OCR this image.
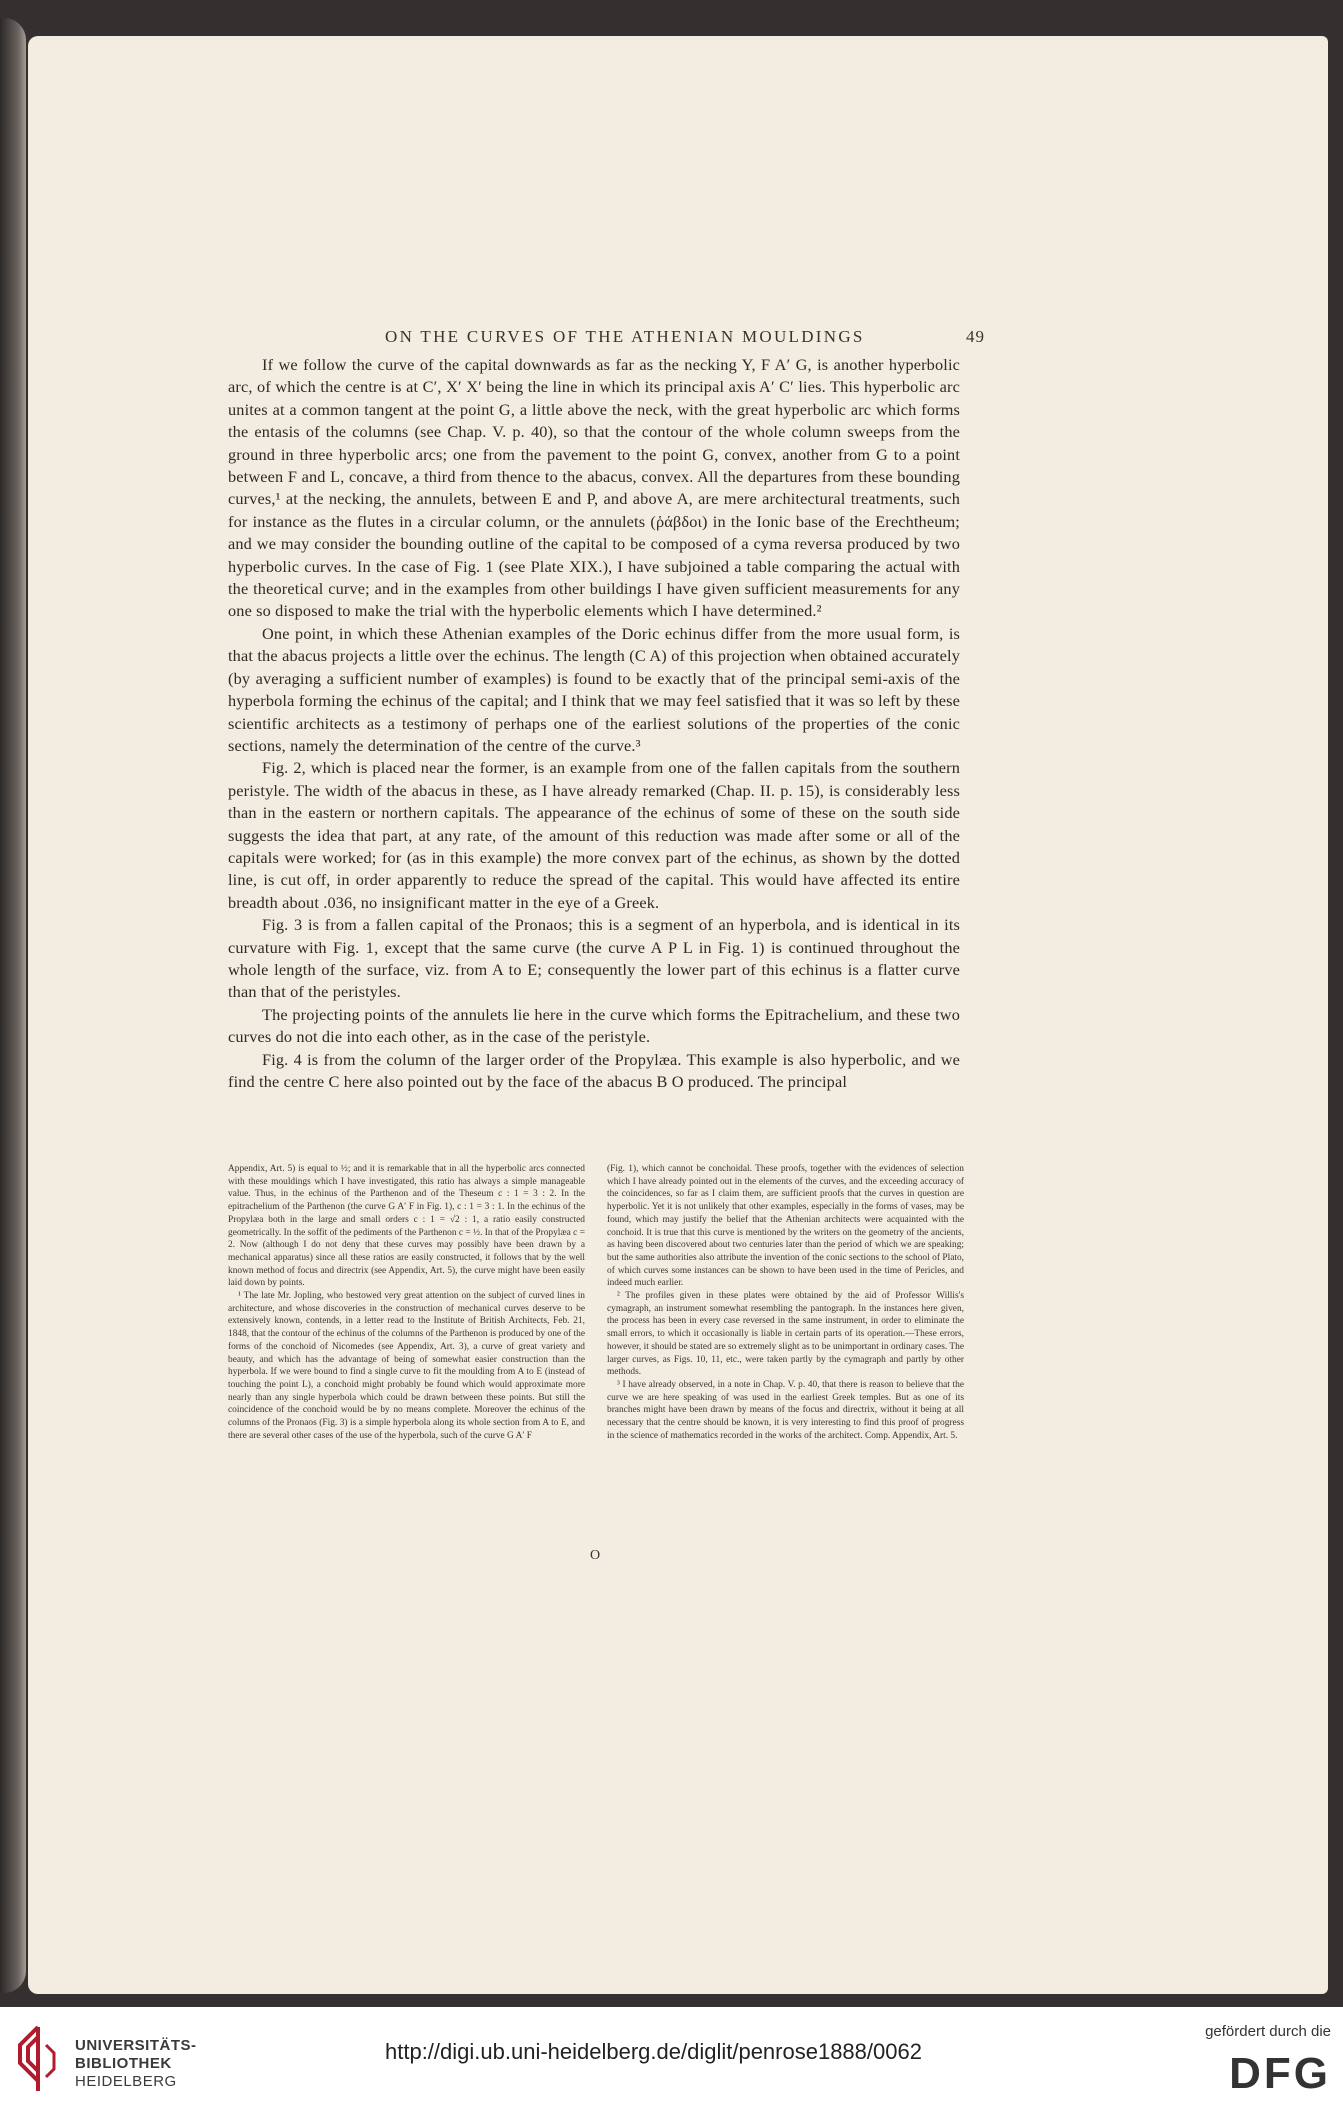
ON THE CURVES OF THE ATHENIAN MOULDINGS	49

If we follow the curve of the capital downwards as far as the necking Y, F A′ G, is another hyperbolic arc, of which the centre is at C′, X′ X′ being the line in which its principal axis A′ C′ lies. This hyperbolic arc unites at a common tangent at the point G, a little above the neck, with the great hyperbolic arc which forms the entasis of the columns (see Chap. V. p. 40), so that the contour of the whole column sweeps from the ground in three hyperbolic arcs; one from the pavement to the point G, convex, another from G to a point between F and L, concave, a third from thence to the abacus, convex. All the departures from these bounding curves,¹ at the necking, the annulets, between E and P, and above A, are mere architectural treatments, such for instance as the flutes in a circular column, or the annulets (ῥάβδοι) in the Ionic base of the Erechtheum; and we may consider the bounding outline of the capital to be composed of a cyma reversa produced by two hyperbolic curves. In the case of Fig. 1 (see Plate XIX.), I have subjoined a table comparing the actual with the theoretical curve; and in the examples from other buildings I have given sufficient measurements for any one so disposed to make the trial with the hyperbolic elements which I have determined.²

One point, in which these Athenian examples of the Doric echinus differ from the more usual form, is that the abacus projects a little over the echinus. The length (C A) of this projection when obtained accurately (by averaging a sufficient number of examples) is found to be exactly that of the principal semi-axis of the hyperbola forming the echinus of the capital; and I think that we may feel satisfied that it was so left by these scientific architects as a testimony of perhaps one of the earliest solutions of the properties of the conic sections, namely the determination of the centre of the curve.³

Fig. 2, which is placed near the former, is an example from one of the fallen capitals from the southern peristyle. The width of the abacus in these, as I have already remarked (Chap. II. p. 15), is considerably less than in the eastern or northern capitals. The appearance of the echinus of some of these on the south side suggests the idea that part, at any rate, of the amount of this reduction was made after some or all of the capitals were worked; for (as in this example) the more convex part of the echinus, as shown by the dotted line, is cut off, in order apparently to reduce the spread of the capital. This would have affected its entire breadth about .036, no insignificant matter in the eye of a Greek.

Fig. 3 is from a fallen capital of the Pronaos; this is a segment of an hyperbola, and is identical in its curvature with Fig. 1, except that the same curve (the curve A P L in Fig. 1) is continued throughout the whole length of the surface, viz. from A to E; consequently the lower part of this echinus is a flatter curve than that of the peristyles.

The projecting points of the annulets lie here in the curve which forms the Epitrachelium, and these two curves do not die into each other, as in the case of the peristyle.

Fig. 4 is from the column of the larger order of the Propylæa. This example is also hyperbolic, and we find the centre C here also pointed out by the face of the abacus B O produced. The principal

Appendix, Art. 5) is equal to ½; and it is remarkable that in all the hyperbolic arcs connected with these mouldings which I have investigated, this ratio has always a simple manageable value. Thus, in the echinus of the Parthenon and of the Theseum c : 1 = 3 : 2. In the epitrachelium of the Parthenon (the curve G A′ F in Fig. 1), c : 1 = 3 : 1. In the echinus of the Propylæa both in the large and small orders c : 1 = √2 : 1, a ratio easily constructed geometrically. In the soffit of the pediments of the Parthenon c = ½. In that of the Propylæa c = 2. Now (although I do not deny that these curves may possibly have been drawn by a mechanical apparatus) since all these ratios are easily constructed, it follows that by the well known method of focus and directrix (see Appendix, Art. 5), the curve might have been easily laid down by points.

¹ The late Mr. Jopling, who bestowed very great attention on the subject of curved lines in architecture, and whose discoveries in the construction of mechanical curves deserve to be extensively known, contends, in a letter read to the Institute of British Architects, Feb. 21, 1848, that the contour of the echinus of the columns of the Parthenon is produced by one of the forms of the conchoid of Nicomedes (see Appendix, Art. 3), a curve of great variety and beauty, and which has the advantage of being of somewhat easier construction than the hyperbola. If we were bound to find a single curve to fit the moulding from A to E (instead of touching the point L), a conchoid might probably be found which would approximate more nearly than any single hyperbola which could be drawn between these points. But still the coincidence of the conchoid would be by no means complete. Moreover the echinus of the columns of the Pronaos (Fig. 3) is a simple hyperbola along its whole section from A to E, and there are several other cases of the use of the hyperbola, such of the curve G A′ F

(Fig. 1), which cannot be conchoidal. These proofs, together with the evidences of selection which I have already pointed out in the elements of the curves, and the exceeding accuracy of the coincidences, so far as I claim them, are sufficient proofs that the curves in question are hyperbolic. Yet it is not unlikely that other examples, especially in the forms of vases, may be found, which may justify the belief that the Athenian architects were acquainted with the conchoid. It is true that this curve is mentioned by the writers on the geometry of the ancients, as having been discovered about two centuries later than the period of which we are speaking; but the same authorities also attribute the invention of the conic sections to the school of Plato, of which curves some instances can be shown to have been used in the time of Pericles, and indeed much earlier.

² The profiles given in these plates were obtained by the aid of Professor Willis's cymagraph, an instrument somewhat resembling the pantograph. In the instances here given, the process has been in every case reversed in the same instrument, in order to eliminate the small errors, to which it occasionally is liable in certain parts of its operation.—These errors, however, it should be stated are so extremely slight as to be unimportant in ordinary cases. The larger curves, as Figs. 10, 11, etc., were taken partly by the cymagraph and partly by other methods.

³ I have already observed, in a note in Chap. V. p. 40, that there is reason to believe that the curve we are here speaking of was used in the earliest Greek temples. But as one of its branches might have been drawn by means of the focus and directrix, without it being at all necessary that the centre should be known, it is very interesting to find this proof of progress in the science of mathematics recorded in the works of the architect. Comp. Appendix, Art. 5.

O
UNIVERSITÄTS-
BIBLIOTHEK
HEIDELBERG
http://digi.ub.uni-heidelberg.de/diglit/penrose1888/0062
gefördert durch die
DFG
